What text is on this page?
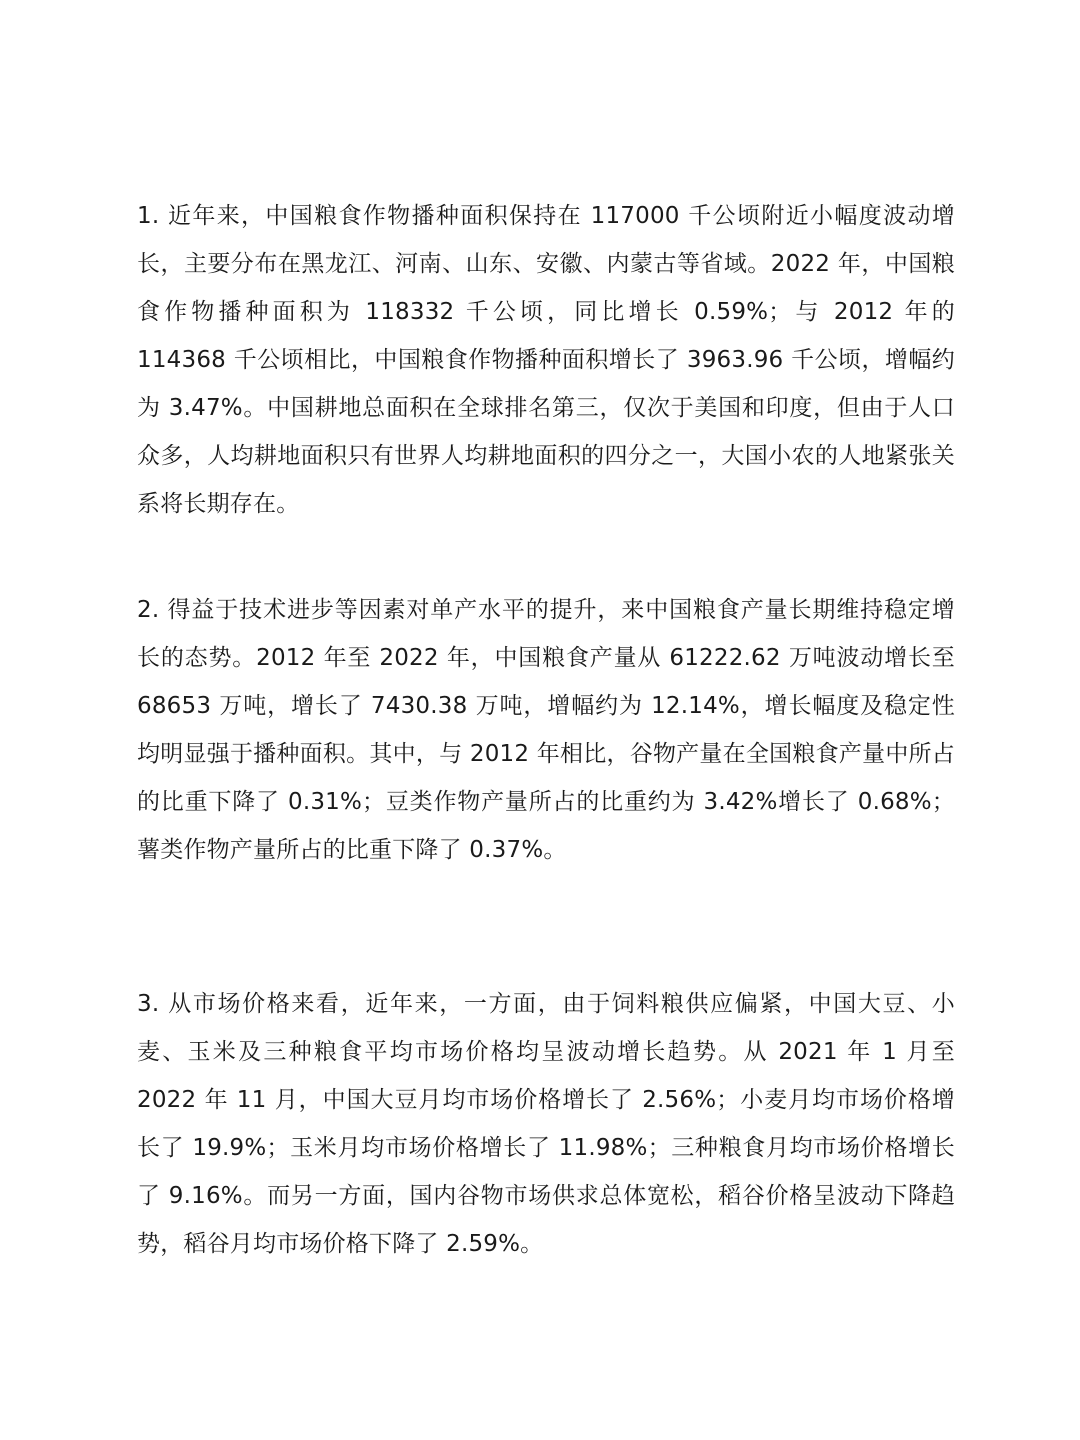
1. 近年来，中国粮食作物播种面积保持在 117000 千公顷附近小幅度波动增长，主要分布在黑龙江、河南、山东、安徽、内蒙古等省域。2022 年，中国粮食作物播种面积为 118332 千公顷，同比增长 0.59%；与 2012 年的 114368 千公顷相比，中国粮食作物播种面积增长了 3963.96 千公顷，增幅约为 3.47%。中国耕地总面积在全球排名第三，仅次于美国和印度，但由于人口众多，人均耕地面积只有世界人均耕地面积的四分之一，大国小农的人地紧张关系将长期存在。

2. 得益于技术进步等因素对单产水平的提升，来中国粮食产量长期维持稳定增长的态势。2012 年至 2022 年，中国粮食产量从 61222.62 万吨波动增长至 68653 万吨，增长了 7430.38 万吨，增幅约为 12.14%，增长幅度及稳定性均明显强于播种面积。其中，与 2012 年相比，谷物产量在全国粮食产量中所占的比重下降了 0.31%；豆类作物产量所占的比重约为 3.42%增长了 0.68%；薯类作物产量所占的比重下降了 0.37%。

3. 从市场价格来看，近年来，一方面，由于饲料粮供应偏紧，中国大豆、小麦、玉米及三种粮食平均市场价格均呈波动增长趋势。从 2021 年 1 月至 2022 年 11 月，中国大豆月均市场价格增长了 2.56%；小麦月均市场价格增长了 19.9%；玉米月均市场价格增长了 11.98%；三种粮食月均市场价格增长了 9.16%。而另一方面，国内谷物市场供求总体宽松，稻谷价格呈波动下降趋势，稻谷月均市场价格下降了 2.59%。
